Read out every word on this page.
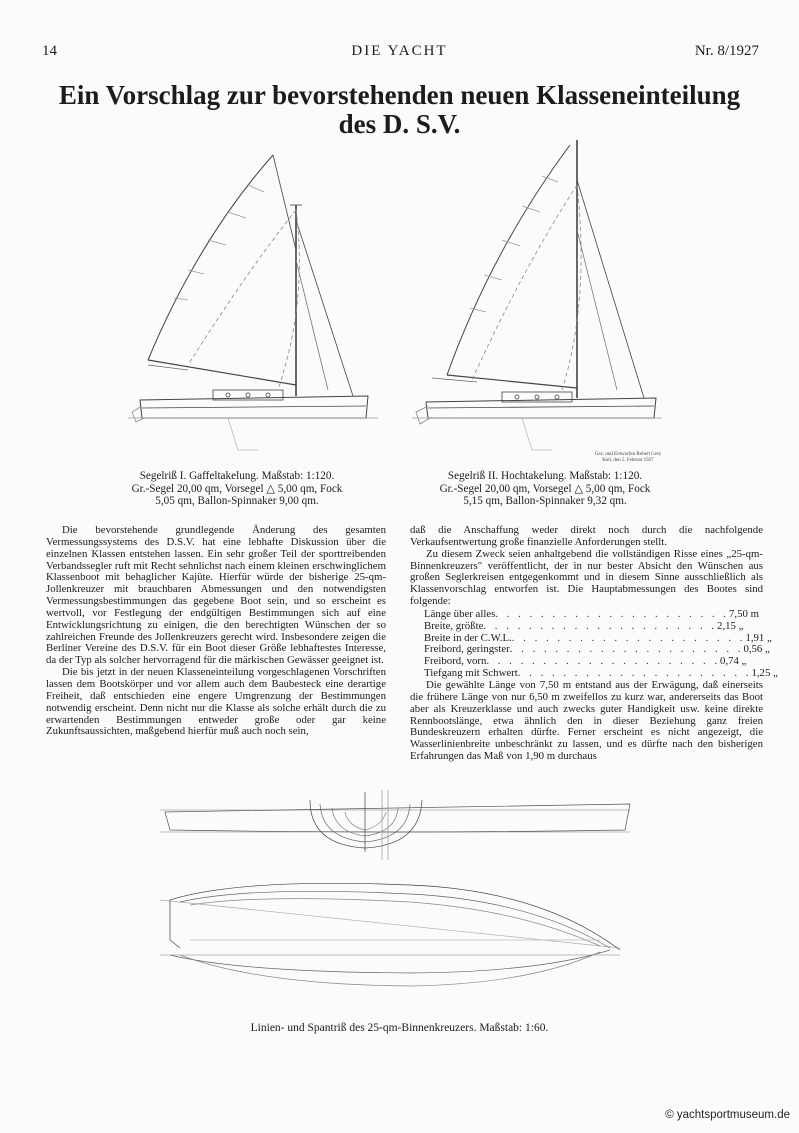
14	DIE YACHT	Nr. 8/1927
Ein Vorschlag zur bevorstehenden neuen Klasseneinteilung
des D. S.V.
Gez. und Entworfen Robert Grey
Kiel, den 5. Februar 1927
Segelriß I. Gaffeltakelung. Maßstab: 1:120.
Gr.-Segel 20,00 qm, Vorsegel △ 5,00 qm, Fock
5,05 qm, Ballon-Spinnaker 9,00 qm.
Segelriß II. Hochtakelung. Maßstab: 1:120.
Gr.-Segel 20,00 qm, Vorsegel △ 5,00 qm, Fock
5,15 qm, Ballon-Spinnaker 9,32 qm.

Die bevorstehende grundlegende Änderung des gesamten Vermessungssystems des D.S.V. hat eine lebhafte Diskussion über die einzelnen Klassen entstehen lassen. Ein sehr großer Teil der sporttreibenden Verbandssegler ruft mit Recht sehnlichst nach einem kleinen erschwinglichem Klassenboot mit behaglicher Kajüte. Hierfür würde der bisherige 25-qm-Jollenkreuzer mit brauchbaren Abmessungen und den notwendigsten Vermessungsbestimmungen das gegebene Boot sein, und so erscheint es wertvoll, vor Festlegung der endgültigen Bestimmungen sich auf eine Entwicklungsrichtung zu einigen, die den berechtigten Wünschen der so zahlreichen Freunde des Jollenkreuzers gerecht wird. Insbesondere zeigen die Berliner Vereine des D.S.V. für ein Boot dieser Größe lebhaftestes Interesse, da der Typ als solcher hervorragend für die märkischen Gewässer geeignet ist.

Die bis jetzt in der neuen Klasseneinteilung vorgeschlagenen Vorschriften lassen dem Bootskörper und vor allem auch dem Baubesteck eine derartige Freiheit, daß entschieden eine engere Umgrenzung der Bestimmungen notwendig erscheint. Denn nicht nur die Klasse als solche erhält durch die zu erwartenden Bestimmungen entweder große oder gar keine Zukunftsaussichten, maßgebend hierfür muß auch noch sein,

daß die Anschaffung weder direkt noch durch die nachfolgende Verkaufsentwertung große finanzielle Anforderungen stellt.

Zu diesem Zweck seien anhaltgebend die vollständigen Risse eines „25-qm-Binnenkreuzers" veröffentlicht, der in nur bester Absicht den Wünschen aus großen Seglerkreisen entgegenkommt und in diesem Sinne ausschließlich als Klassenvorschlag entworfen ist. Die Hauptabmessungen des Bootes sind folgende:

Länge über alles . . . . . . . . . . . . . . . . . . . . . 7,50 m
Breite, größte . . . . . . . . . . . . . . . . . . . . . 2,15 „
Breite in der C.W.L. . . . . . . . . . . . . . . . . . . . . . 1,91 „
Freibord, geringster . . . . . . . . . . . . . . . . . . . . . 0,56 „
Freibord, vorn . . . . . . . . . . . . . . . . . . . . . 0,74 „
Tiefgang mit Schwert . . . . . . . . . . . . . . . . . . . . . 1,25 „

Die gewählte Länge von 7,50 m entstand aus der Erwägung, daß einerseits die frühere Länge von nur 6,50 m zweifellos zu kurz war, andererseits das Boot aber als Kreuzerklasse und auch zwecks guter Handigkeit usw. keine direkte Rennbootslänge, etwa ähnlich den in dieser Beziehung ganz freien Bundeskreuzern erhalten dürfte. Ferner erscheint es nicht angezeigt, die Wasserlinienbreite unbeschränkt zu lassen, und es dürfte nach den bisherigen Erfahrungen das Maß von 1,90 m durchaus

Linien- und Spantriß des 25-qm-Binnenkreuzers. Maßstab: 1:60.
© yachtsportmuseum.de
